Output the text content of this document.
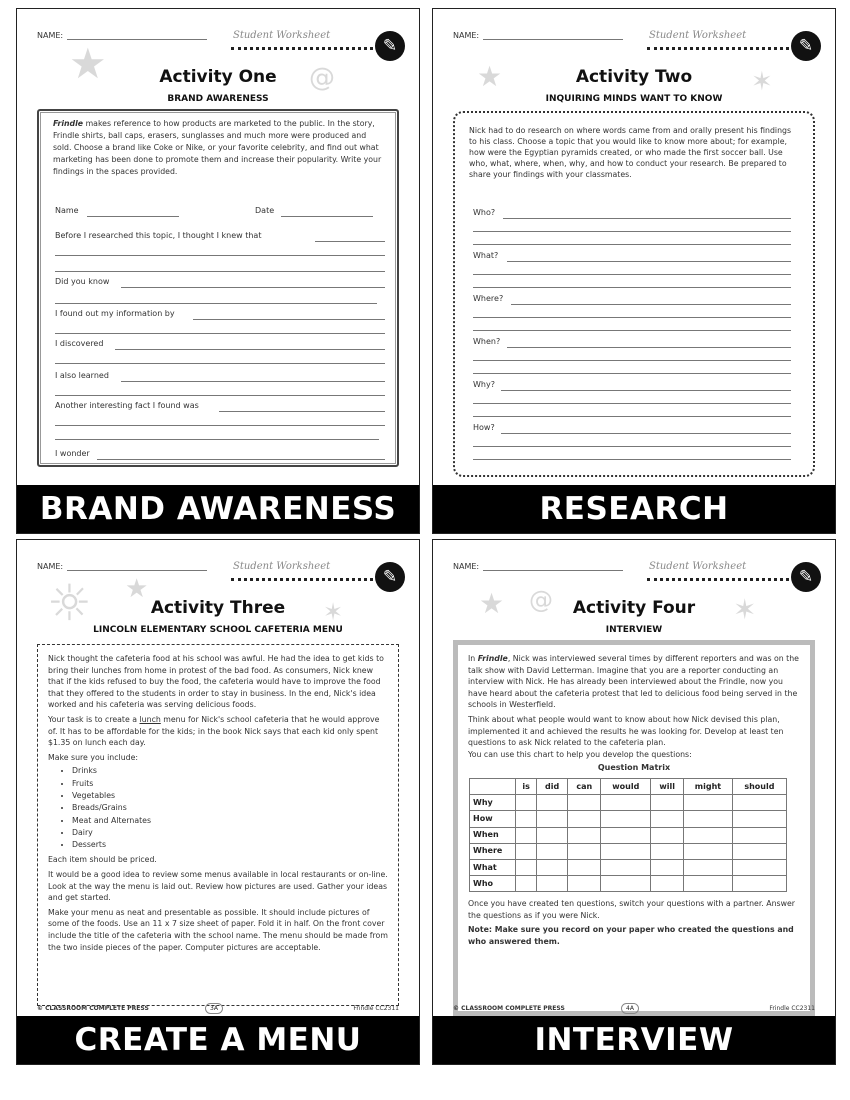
NAME:	Student Worksheet
✎
★	@
Activity One
BRAND AWARENESS
Frindle makes reference to how products are marketed to the public. In the story, Frindle shirts, ball caps, erasers, sunglasses and much more were produced and sold. Choose a brand like Coke or Nike, or your favorite celebrity, and find out what marketing has been done to promote them and increase their popularity. Write your findings in the spaces provided.
Name	Date
Before I researched this topic, I thought I knew that
Did you know
I found out my information by
I discovered
I also learned
Another interesting fact I found was
I wonder
BRAND AWARENESS
NAME:	Student Worksheet
✎
★	✶
Activity Two
INQUIRING MINDS WANT TO KNOW
Nick had to do research on where words came from and orally present his findings to his class. Choose a topic that you would like to know more about; for example, how were the Egyptian pyramids created, or who made the first soccer ball. Use who, what, where, when, why, and how to conduct your research. Be prepared to share your findings with your classmates.
Who?
What?
Where?
When?
Why?
How?
RESEARCH
NAME:	Student Worksheet
✎
☼ ★
✶
Activity Three
LINCOLN ELEMENTARY SCHOOL CAFETERIA MENU

Nick thought the cafeteria food at his school was awful. He had the idea to get kids to bring their lunches from home in protest of the bad food. As consumers, Nick knew that if the kids refused to buy the food, the cafeteria would have to improve the food that they offered to the students in order to stay in business. In the end, Nick's idea worked and his cafeteria was serving delicious foods.

Your task is to create a lunch menu for Nick's school cafeteria that he would approve of. It has to be affordable for the kids; in the book Nick says that each kid only spent $1.35 on lunch each day.

Make sure you include:

• Drinks
• Fruits
• Vegetables
• Breads/Grains
• Meat and Alternates
• Dairy
• Desserts

Each item should be priced.

It would be a good idea to review some menus available in local restaurants or on-line. Look at the way the menu is laid out. Review how pictures are used. Gather your ideas and get started.

Make your menu as neat and presentable as possible. It should include pictures of some of the foods. Use an 11 x 7 size sheet of paper. Fold it in half. On the front cover include the title of the cafeteria with the school name. The menu should be made from the two inside pieces of the paper. Computer pictures are acceptable.

© CLASSROOM COMPLETE PRESS	3A	Frindle CC2311
CREATE A MENU
NAME:	Student Worksheet
✎
★ @	✶
Activity Four
INTERVIEW

In Frindle, Nick was interviewed several times by different reporters and was on the talk show with David Letterman. Imagine that you are a reporter conducting an interview with Nick. He has already been interviewed about the Frindle, now you have heard about the cafeteria protest that led to delicious food being served in the schools in Westerfield.

Think about what people would want to know about how Nick devised this plan, implemented it and achieved the results he was looking for. Develop at least ten questions to ask Nick related to the cafeteria plan.

You can use this chart to help you develop the questions:

Question Matrix
	is	did	can	would	will	might	should
Why							
How							
When							
Where							
What							
Who							

Once you have created ten questions, switch your questions with a partner. Answer the questions as if you were Nick.

Note: Make sure you record on your paper who created the questions and who answered them.

© CLASSROOM COMPLETE PRESS	4A	Frindle CC2311
INTERVIEW
